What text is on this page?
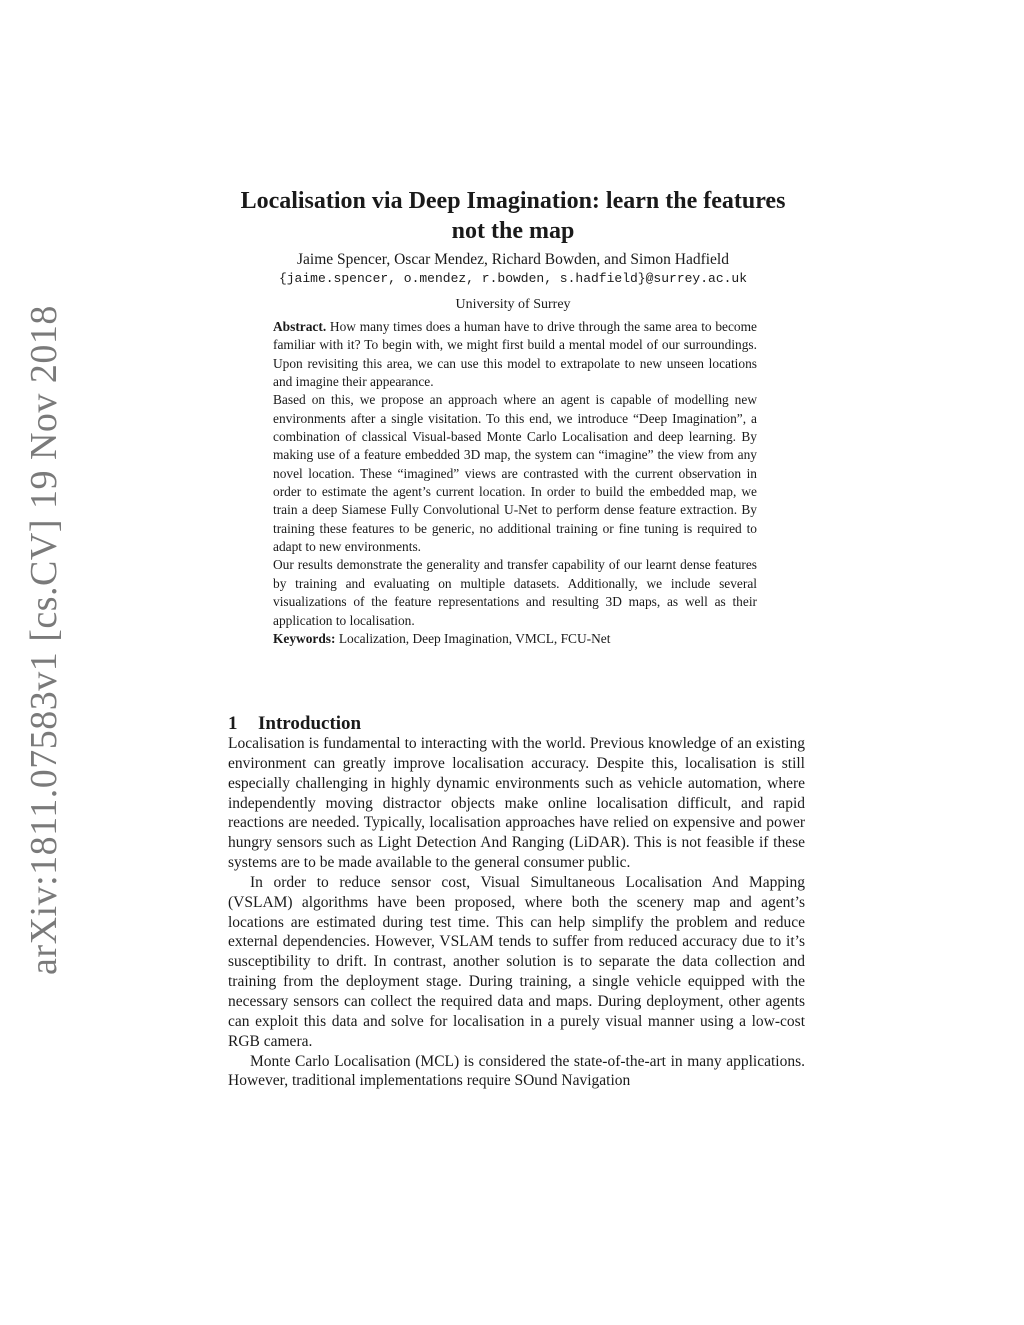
arXiv:1811.07583v1 [cs.CV] 19 Nov 2018
Localisation via Deep Imagination: learn the features not the map

Jaime Spencer, Oscar Mendez, Richard Bowden, and Simon Hadfield

{jaime.spencer, o.mendez, r.bowden, s.hadfield}@surrey.ac.uk

University of Surrey

Abstract. How many times does a human have to drive through the same area to become familiar with it? To begin with, we might first build a mental model of our surroundings. Upon revisiting this area, we can use this model to extrapolate to new unseen locations and imagine their appearance.

Based on this, we propose an approach where an agent is capable of modelling new environments after a single visitation. To this end, we introduce “Deep Imagination”, a combination of classical Visual-based Monte Carlo Localisation and deep learning. By making use of a feature embedded 3D map, the system can “imagine” the view from any novel location. These “imagined” views are contrasted with the current observation in order to estimate the agent’s current location. In order to build the embedded map, we train a deep Siamese Fully Convolutional U-Net to perform dense feature extraction. By training these features to be generic, no additional training or fine tuning is required to adapt to new environments.

Our results demonstrate the generality and transfer capability of our learnt dense features by training and evaluating on multiple datasets. Additionally, we include several visualizations of the feature representations and resulting 3D maps, as well as their application to localisation.

Keywords: Localization, Deep Imagination, VMCL, FCU-Net

1 Introduction

Localisation is fundamental to interacting with the world. Previous knowledge of an existing environment can greatly improve localisation accuracy. Despite this, localisation is still especially challenging in highly dynamic environments such as vehicle automation, where independently moving distractor objects make online localisation difficult, and rapid reactions are needed. Typically, localisation approaches have relied on expensive and power hungry sensors such as Light Detection And Ranging (LiDAR). This is not feasible if these systems are to be made available to the general consumer public.

In order to reduce sensor cost, Visual Simultaneous Localisation And Mapping (VSLAM) algorithms have been proposed, where both the scenery map and agent’s locations are estimated during test time. This can help simplify the problem and reduce external dependencies. However, VSLAM tends to suffer from reduced accuracy due to it’s susceptibility to drift. In contrast, another solution is to separate the data collection and training from the deployment stage. During training, a single vehicle equipped with the necessary sensors can collect the required data and maps. During deployment, other agents can exploit this data and solve for localisation in a purely visual manner using a low-cost RGB camera.

Monte Carlo Localisation (MCL) is considered the state-of-the-art in many applications. However, traditional implementations require SOund Navigation
